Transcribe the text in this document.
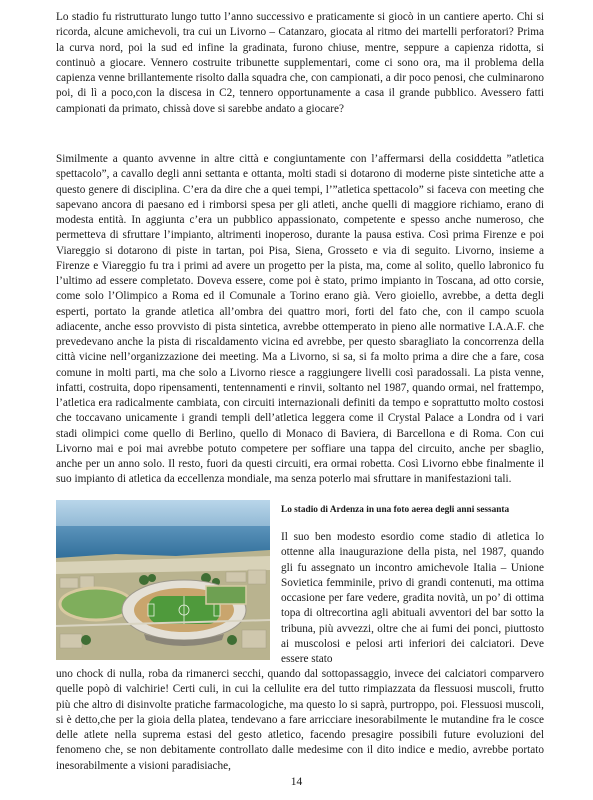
Lo stadio fu ristrutturato lungo tutto l’anno successivo e praticamente si giocò in un cantiere aperto. Chi si ricorda, alcune amichevoli, tra cui un Livorno – Catanzaro, giocata al ritmo dei martelli perforatori? Prima la curva nord, poi la sud ed infine la gradinata, furono chiuse, mentre, seppure a capienza ridotta, si continuò a giocare. Vennero costruite tribunette supplementari, come ci sono ora, ma il problema della capienza venne brillantemente risolto dalla squadra che, con campionati, a dir poco penosi, che culminarono poi, di lì a poco,con la discesa in C2, tennero opportunamente a casa il grande pubblico. Avessero fatti campionati da primato, chissà dove si sarebbe andato a giocare?

Similmente a quanto avvenne in altre città e congiuntamente con l’affermarsi della cosiddetta ”atletica spettacolo”, a cavallo degli anni settanta e ottanta, molti stadi si dotarono di moderne piste sintetiche atte a questo genere di disciplina. C’era da dire che a quei tempi, l’”atletica spettacolo” si faceva con meeting che sapevano ancora di paesano ed i rimborsi spesa per gli atleti, anche quelli di maggiore richiamo, erano di modesta entità. In aggiunta c’era un pubblico appassionato, competente e spesso anche numeroso, che permetteva di sfruttare l’impianto, altrimenti inoperoso, durante la pausa estiva. Così prima Firenze e poi Viareggio si dotarono di piste in tartan, poi Pisa, Siena, Grosseto e via di seguito. Livorno, insieme a Firenze e Viareggio fu tra i primi ad avere un progetto per la pista, ma, come al solito, quello labronico fu l’ultimo ad essere completato. Doveva essere, come poi è stato, primo impianto in Toscana, ad otto corsie, come solo l’Olimpico a Roma ed il Comunale a Torino erano già. Vero gioiello, avrebbe, a detta degli esperti, portato la grande atletica all’ombra dei quattro mori, forti del fato che, con il campo scuola adiacente, anche esso provvisto di pista sintetica, avrebbe ottemperato in pieno alle normative I.A.A.F. che prevedevano anche la pista di riscaldamento vicina ed avrebbe, per questo sbaragliato la concorrenza della città vicine nell’organizzazione dei meeting. Ma a Livorno, si sa, si fa molto prima a dire che a fare, cosa comune in molti parti, ma che solo a Livorno riesce a raggiungere livelli così paradossali. La pista venne, infatti, costruita, dopo ripensamenti, tentennamenti e rinvii, soltanto nel 1987, quando ormai, nel frattempo, l’atletica era radicalmente cambiata, con circuiti internazionali definiti da tempo e soprattutto molto costosi che toccavano unicamente i grandi templi dell’atletica leggera come il Crystal Palace a Londra od i vari stadi olimpici come quello di Berlino, quello di Monaco di Baviera, di Barcellona e di Roma. Con cui Livorno mai e poi mai avrebbe potuto competere per soffiare una tappa del circuito, anche per sbaglio, anche per un anno solo. Il resto, fuori da questi circuiti, era ormai robetta. Così Livorno ebbe finalmente il suo impianto di atletica da eccellenza mondiale, ma senza poterlo mai sfruttare in manifestazioni tali.

Lo stadio di Ardenza in una foto aerea degli anni sessanta

Il suo ben modesto esordio come stadio di atletica lo ottenne alla inaugurazione della pista, nel 1987, quando gli fu assegnato un incontro amichevole Italia – Unione Sovietica femminile, privo di grandi contenuti, ma ottima occasione per fare vedere, gradita novità, un po’ di ottima topa di oltrecortina agli abituali avventori del bar sotto la tribuna, più avvezzi, oltre che ai fumi dei ponci, piuttosto ai muscolosi e pelosi arti inferiori dei calciatori. Deve essere stato

uno chock di nulla, roba da rimanerci secchi, quando dal sottopassaggio, invece dei calciatori comparvero quelle popò di valchirie! Certi culi, in cui la cellulite era del tutto rimpiazzata da flessuosi muscoli, frutto più che altro di disinvolte pratiche farmacologiche, ma questo lo si saprà, purtroppo, poi. Flessuosi muscoli, si è detto,che per la gioia della platea, tendevano a fare arricciare inesorabilmente le mutandine fra le cosce delle atlete nella suprema estasi del gesto atletico, facendo presagire possibili future evoluzioni del fenomeno che, se non debitamente controllato dalle medesime con il dito indice e medio, avrebbe portato inesorabilmente a visioni paradisiache,

14
